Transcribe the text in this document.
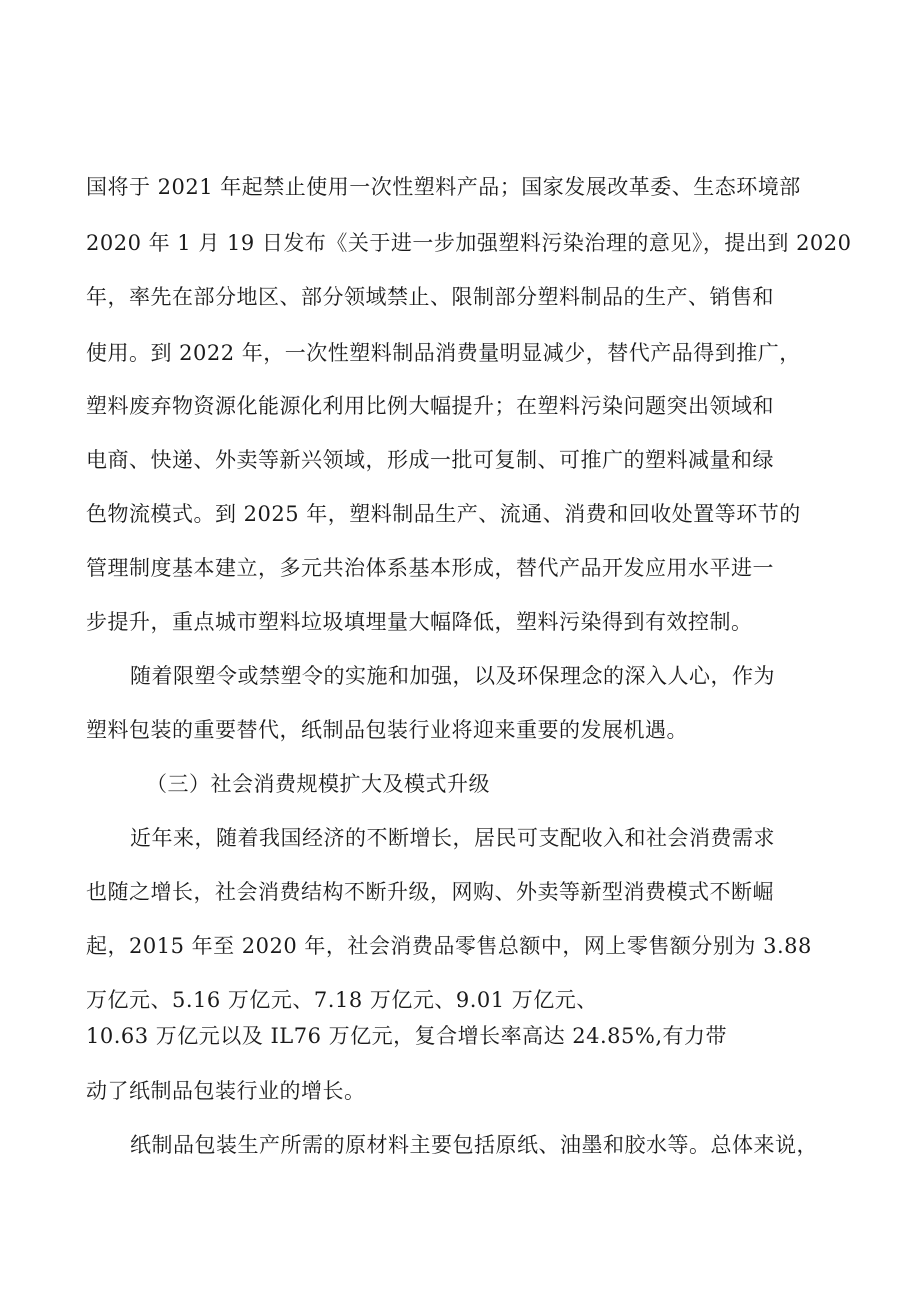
国将于 2021 年起禁止使用一次性塑料产品；国家发展改革委、生态环境部
2020 年 1 月 19 日发布《关于进一步加强塑料污染治理的意见》，提出到 2020
年，率先在部分地区、部分领域禁止、限制部分塑料制品的生产、销售和
使用。到 2022 年，一次性塑料制品消费量明显减少，替代产品得到推广，
塑料废弃物资源化能源化利用比例大幅提升；在塑料污染问题突出领域和
电商、快递、外卖等新兴领域，形成一批可复制、可推广的塑料减量和绿
色物流模式。到 2025 年，塑料制品生产、流通、消费和回收处置等环节的
管理制度基本建立，多元共治体系基本形成，替代产品开发应用水平进一
步提升，重点城市塑料垃圾填埋量大幅降低，塑料污染得到有效控制。
随着限塑令或禁塑令的实施和加强，以及环保理念的深入人心，作为
塑料包装的重要替代，纸制品包装行业将迎来重要的发展机遇。
（三）社会消费规模扩大及模式升级
近年来，随着我国经济的不断增长，居民可支配收入和社会消费需求
也随之增长，社会消费结构不断升级，网购、外卖等新型消费模式不断崛
起，2015 年至 2020 年，社会消费品零售总额中，网上零售额分别为 3.88
万亿元、5.16 万亿元、7.18 万亿元、9.01 万亿元、
10.63 万亿元以及 IL76 万亿元，复合增长率高达 24.85%,有力带
动了纸制品包装行业的增长。
纸制品包装生产所需的原材料主要包括原纸、油墨和胶水等。总体来说，
